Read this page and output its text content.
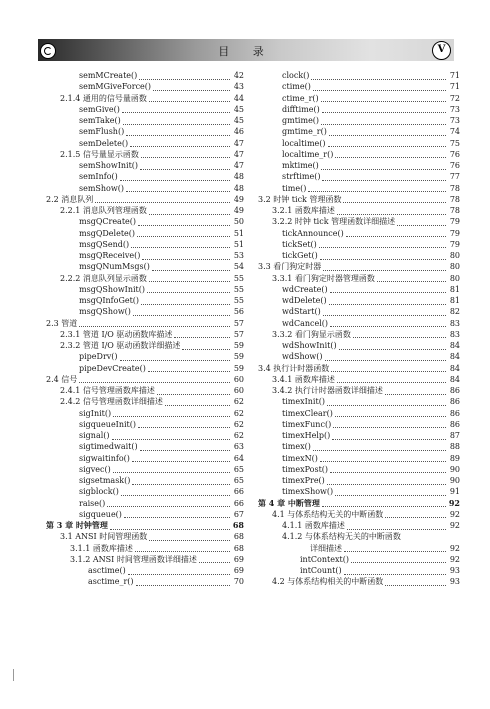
目 录	V
semMCreate()	42
semMGiveForce()	43
2.1.4 通用的信号量函数	44
semGive()	45
semTake()	45
semFlush()	46
semDelete()	47
2.1.5 信号量显示函数	47
semShowInit()	47
semInfo()	48
semShow()	48
2.2 消息队列	49
2.2.1 消息队列管理函数	49
msgQCreate()	50
msgQDelete()	51
msgQSend()	51
msgQReceive()	53
msgQNumMsgs()	54
2.2.2 消息队列显示函数	55
msgQShowInit()	55
msgQInfoGet()	55
msgQShow()	56
2.3 管道	57
2.3.1 管道 I/O 驱动函数库描述	57
2.3.2 管道 I/O 驱动函数详细描述	59
pipeDrv()	59
pipeDevCreate()	59
2.4 信号	60
2.4.1 信号管理函数库描述	60
2.4.2 信号管理函数详细描述	62
sigInit()	62
sigqueueInit()	62
signal()	62
sigtimedwait()	63
sigwaitinfo()	64
sigvec()	65
sigsetmask()	65
sigblock()	66
raise()	66
sigqueue()	67
第 3 章 时钟管理	68
3.1 ANSI 时间管理函数	68
3.1.1 函数库描述	68
3.1.2 ANSI 时间管理函数详细描述	69
asctime()	69
asctime_r()	70
clock()	71
ctime()	71
ctime_r()	72
difftime()	73
gmtime()	73
gmtime_r()	74
localtime()	75
localtime_r()	76
mktime()	76
strftime()	77
time()	78
3.2 时钟 tick 管理函数	78
3.2.1 函数库描述	78
3.2.2 时钟 tick 管理函数详细描述	79
tickAnnounce()	79
tickSet()	79
tickGet()	80
3.3 看门狗定时器	80
3.3.1 看门狗定时器管理函数	80
wdCreate()	81
wdDelete()	81
wdStart()	82
wdCancel()	83
3.3.2 看门狗显示函数	83
wdShowInit()	84
wdShow()	84
3.4 执行计时器函数	84
3.4.1 函数库描述	84
3.4.2 执行计时器函数详细描述	86
timexInit()	86
timexClear()	86
timexFunc()	86
timexHelp()	87
timex()	88
timexN()	89
timexPost()	90
timexPre()	90
timexShow()	91
第 4 章 中断管理	92
4.1 与体系结构无关的中断函数	92
4.1.1 函数库描述	92
4.1.2 与体系结构无关的中断函数
详细描述	92
intContext()	92
intCount()	93
4.2 与体系结构相关的中断函数	93
